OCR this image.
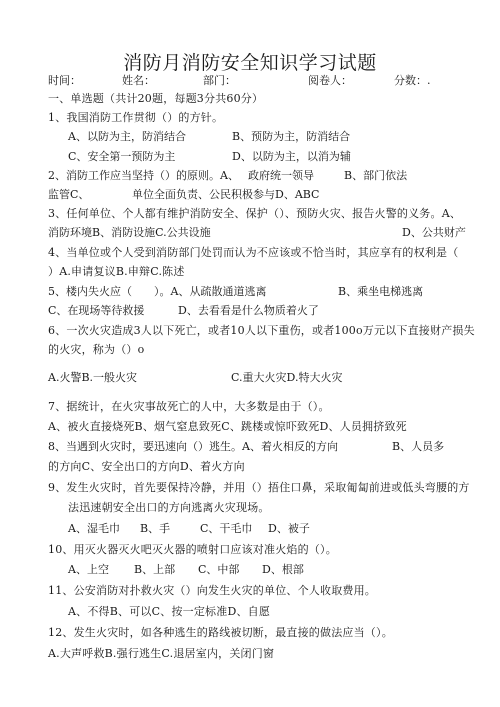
消防月消防安全知识学习试题
时间：	姓名：	部门：	阅卷人：	分数：.
一、单选题（共计20题，每题3分共60分）
1、我国消防工作贯彻（）的方针。
A、以防为主，防消结合	B、预防为主，防消结合
C、安全第一预防为主	D、以防为主，以消为辅
2、消防工作应当坚持（）的原则。A、 政府统一领导	B、部门依法
监管C、	单位全面负责、公民积极参与D、ABC
3、任何单位、个人都有维护消防安全、保护（）、预防火灾、报告火警的义务。A、
消防环境B、消防设施C.公共设施	D、公共财产
4、当单位或个人受到消防部门处罚而认为不应该或不恰当时，其应享有的权利是（
）A.申请复议B.申辩C.陈述
5、楼内失火应（　　）。A、从疏散通道逃离	B、乘坐电梯逃离
C、在现场等待救援	D、去看看是什么物质着火了
6、一次火灾造成3人以下死亡，或者10人以下重伤，或者100o万元以下直接财产损失
的火灾，称为（）o
A.火警B.一般火灾	C.重大火灾D.特大火灾
7、据统计，在火灾事故死亡的人中，大多数是由于（）。
A、被火直接烧死B、烟气窒息致死C、跳楼或惊吓致死D、人员拥挤致死
8、当遇到火灾时，要迅速向（）逃生。A、着火相反的方向	B、人员多
的方向C、安全出口的方向D、着火方向
9、发生火灾时，首先要保持冷静，并用（）捂住口鼻，采取匍匐前进或低头弯腰的方
法迅速朝安全出口的方向逃离火灾现场。
A、湿毛巾 B、手	C、干毛巾 D、被子
10、用灭火器灭火吧灭火器的喷射口应该对准火焰的（）。
A、上空 B、上部 C、中部 D、根部
11、公安消防对扑救火灾（）向发生火灾的单位、个人收取费用。
A、不得B、可以C、按一定标准D、自愿
12、发生火灾时，如各种逃生的路线被切断，最直接的做法应当（）。
A.大声呼救B.强行逃生C.退居室内，关闭门窗
